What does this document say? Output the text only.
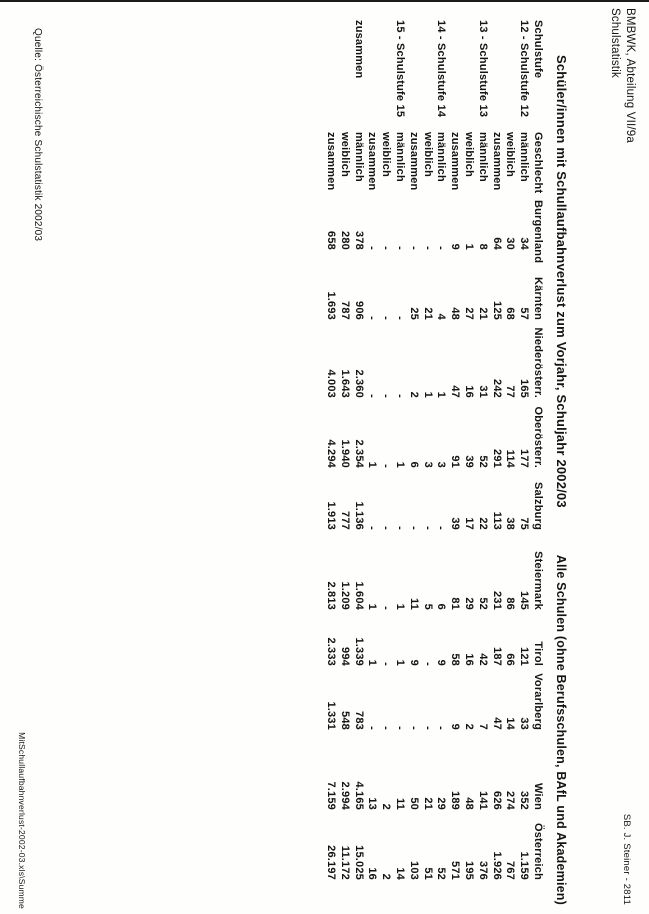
BMBWK, Abteilung VII/9a
Schulstatistik
SB. J. Steiner - 2811
Schüler/innen mit Schullaufbahnverlust zum Vorjahr, Schuljahr 2002/03
Alle Schulen (ohne Berufsschulen, BAfL und Akademien)
Schulstufe	Geschlecht	Burgenland	Kärnten	Niederösterr.	Oberösterr.	Salzburg	Steiermark	Tirol	Vorarlberg	Wien	Österreich
12 - Schulstufe 12	männlich	34	57	165	177	75	145	121	33	352	1.159
	weiblich	30	68	77	114	38	86	66	14	274	767
	zusammen	64	125	242	291	113	231	187	47	626	1.926
13 - Schulstufe 13	männlich	8	21	31	52	22	52	42	7	141	376
	weiblich	1	27	16	39	17	29	16	2	48	195
	zusammen	9	48	47	91	39	81	58	9	189	571
14 - Schulstufe 14	männlich	-	4	1	3	-	6	9	-	29	52
	weiblich	-	21	1	3	-	5	-	-	21	51
	zusammen	-	25	2	6	-	11	9	-	50	103
15 - Schulstufe 15	männlich	-	-	-	1	-	1	1	-	11	14
	weiblich	-	-	-	-	-	-	-	-	2	2
	zusammen	-	-	-	1	-	1	1	-	13	16
zusammen	männlich	378	906	2.360	2.354	1.136	1.604	1.339	783	4.165	15.025
	weiblich	280	787	1.643	1.940	777	1.209	994	548	2.994	11.172
	zusammen	658	1.693	4.003	4.294	1.913	2.813	2.333	1.331	7.159	26.197
Quelle: Österreichische Schulstatistik 2002/03
MitSchullaufbahnverlust-2002-03.xls\Summe
